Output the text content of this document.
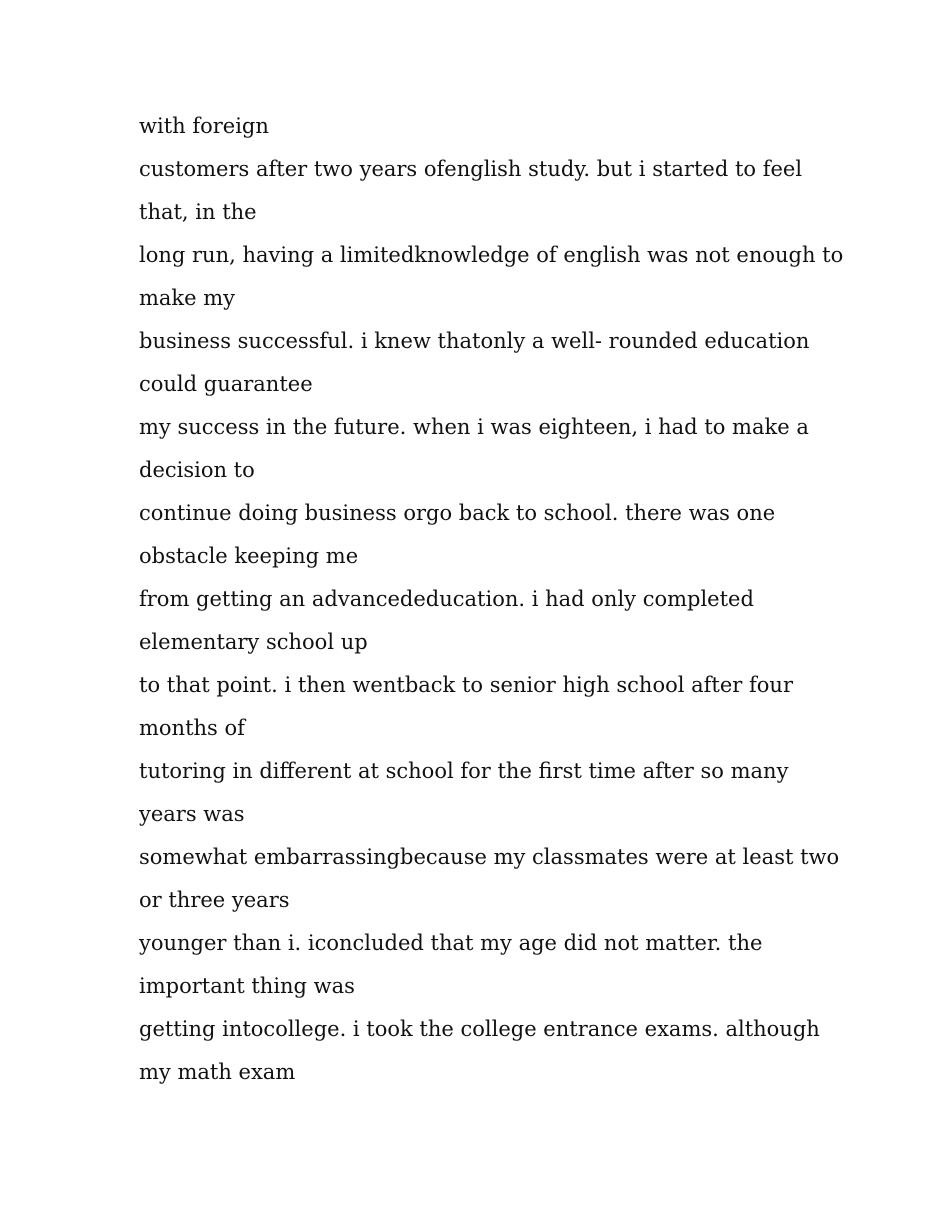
with foreign
customers after two years ofenglish study. but i started to feel
that, in the
long run, having a limitedknowledge of english was not enough to
make my
business successful. i knew thatonly a well- rounded education
could guarantee
my success in the future. when i was eighteen, i had to make a
decision to
continue doing business orgo back to school. there was one
obstacle keeping me
from getting an advancededucation. i had only completed
elementary school up
to that point. i then wentback to senior high school after four
months of
tutoring in different at school for the first time after so many
years was
somewhat embarrassingbecause my classmates were at least two
or three years
younger than i. iconcluded that my age did not matter. the
important thing was
getting intocollege. i took the college entrance exams. although
my math exam
